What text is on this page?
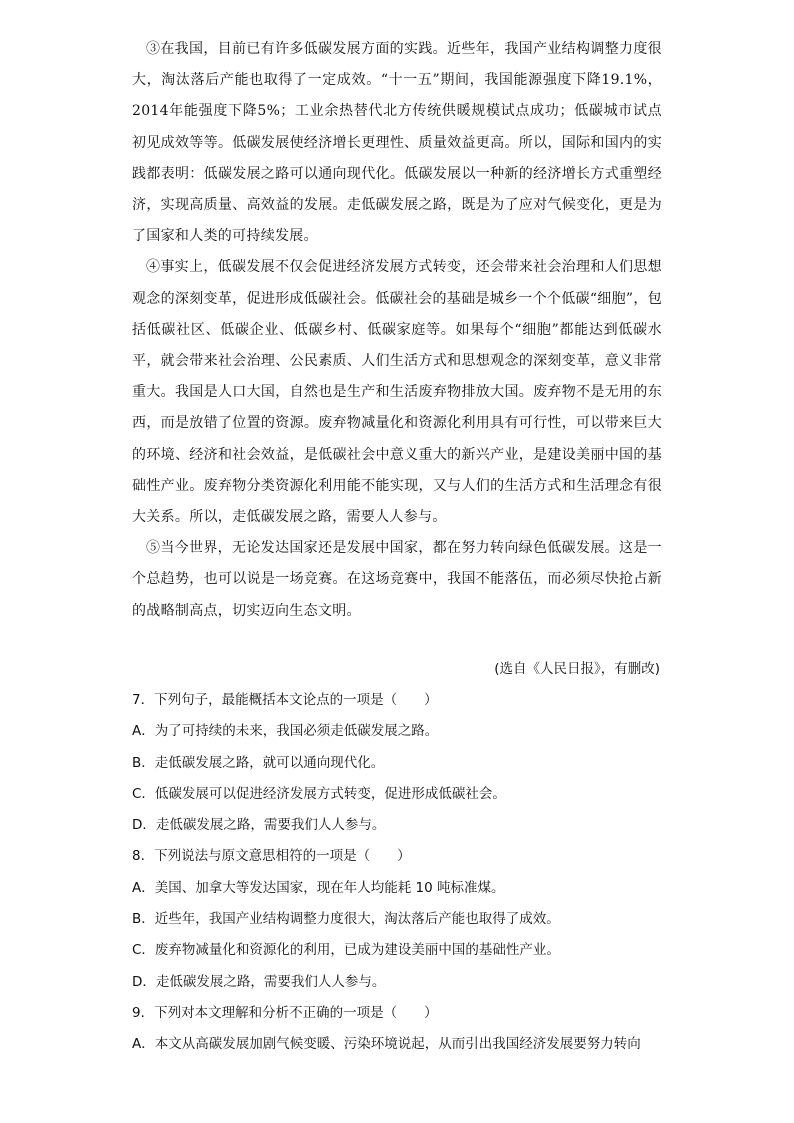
③在我国，目前已有许多低碳发展方面的实践。近些年，我国产业结构调整力度很大，淘汰落后产能也取得了一定成效。“十一五”期间，我国能源强度下降19.1%，2014年能强度下降5%；工业余热替代北方传统供暖规模试点成功；低碳城市试点初见成效等等。低碳发展使经济增长更理性、质量效益更高。所以，国际和国内的实践都表明：低碳发展之路可以通向现代化。低碳发展以一种新的经济增长方式重塑经济，实现高质量、高效益的发展。走低碳发展之路，既是为了应对气候变化，更是为了国家和人类的可持续发展。

④事实上，低碳发展不仅会促进经济发展方式转变，还会带来社会治理和人们思想观念的深刻变革，促进形成低碳社会。低碳社会的基础是城乡一个个低碳“细胞”，包括低碳社区、低碳企业、低碳乡村、低碳家庭等。如果每个“细胞”都能达到低碳水平，就会带来社会治理、公民素质、人们生活方式和思想观念的深刻变革，意义非常重大。我国是人口大国，自然也是生产和生活废弃物排放大国。废弃物不是无用的东西，而是放错了位置的资源。废弃物减量化和资源化利用具有可行性，可以带来巨大的环境、经济和社会效益，是低碳社会中意义重大的新兴产业，是建设美丽中国的基础性产业。废弃物分类资源化利用能不能实现，又与人们的生活方式和生活理念有很大关系。所以，走低碳发展之路，需要人人参与。

⑤当今世界，无论发达国家还是发展中国家，都在努力转向绿色低碳发展。这是一个总趋势，也可以说是一场竞赛。在这场竞赛中，我国不能落伍，而必须尽快抢占新的战略制高点，切实迈向生态文明。

(选自《人民日报》，有删改)
7．下列句子，最能概括本文论点的一项是（　　）
A．为了可持续的未来，我国必须走低碳发展之路。
B．走低碳发展之路，就可以通向现代化。
C．低碳发展可以促进经济发展方式转变，促进形成低碳社会。
D．走低碳发展之路，需要我们人人参与。
8．下列说法与原文意思相符的一项是（　　）
A．美国、加拿大等发达国家，现在年人均能耗 10 吨标准煤。
B．近些年，我国产业结构调整力度很大，淘汰落后产能也取得了成效。
C．废弃物减量化和资源化的利用，已成为建设美丽中国的基础性产业。
D．走低碳发展之路，需要我们人人参与。
9．下列对本文理解和分析不正确的一项是（　　）
A．本文从高碳发展加剧气候变暖、污染环境说起，从而引出我国经济发展要努力转向
